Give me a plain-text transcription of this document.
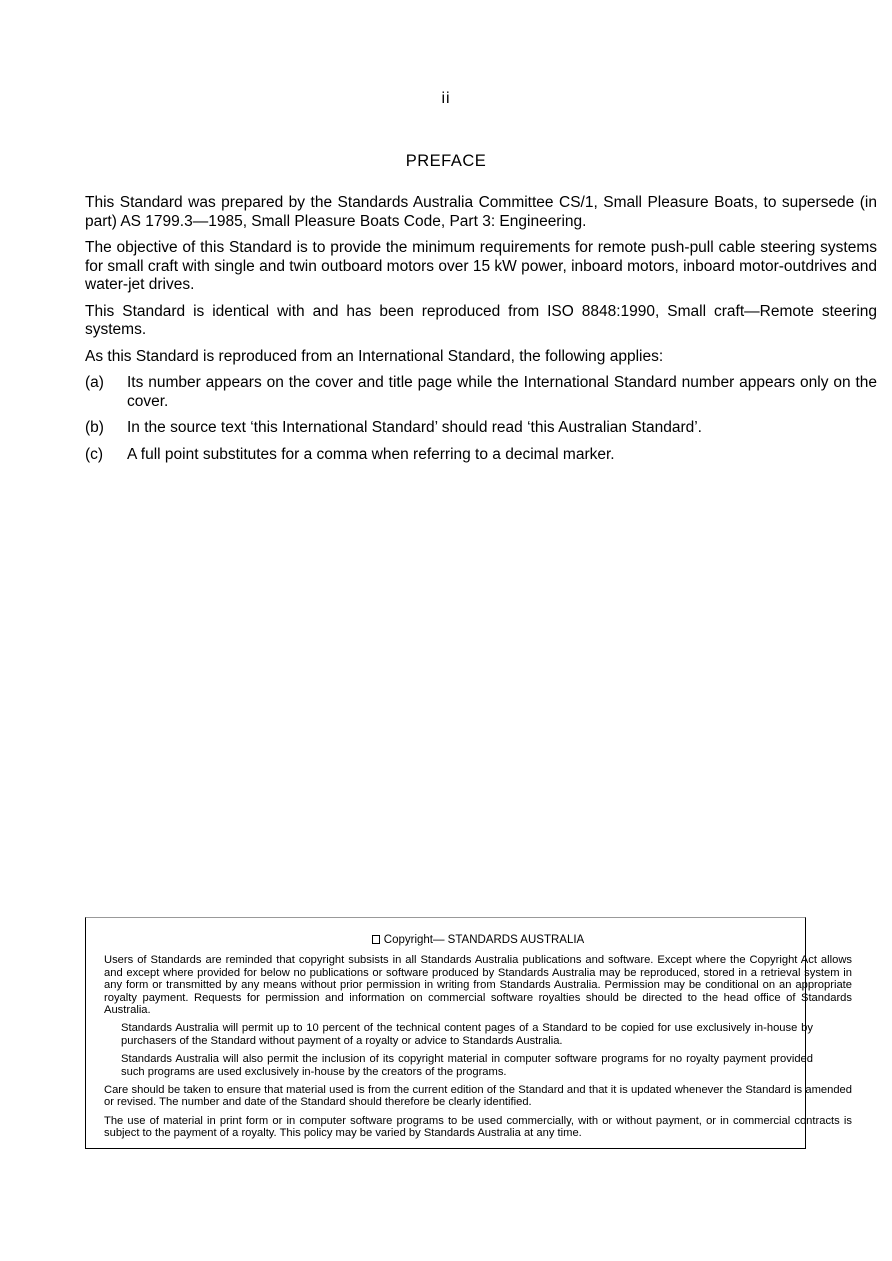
ii
PREFACE

This Standard was prepared by the Standards Australia Committee CS/1, Small Pleasure Boats, to supersede (in part) AS 1799.3—1985, Small Pleasure Boats Code, Part 3: Engineering.

The objective of this Standard is to provide the minimum requirements for remote push-pull cable steering systems for small craft with single and twin outboard motors over 15 kW power, inboard motors, inboard motor-outdrives and water-jet drives.

This Standard is identical with and has been reproduced from ISO 8848:1990, Small craft—Remote steering systems.

As this Standard is reproduced from an International Standard, the following applies:

(a)	Its number appears on the cover and title page while the International Standard number appears only on the cover.
(b)	In the source text ‘this International Standard’ should read ‘this Australian Standard’.
(c)	A full point substitutes for a comma when referring to a decimal marker.
Copyright— STANDARDS AUSTRALIA

Users of Standards are reminded that copyright subsists in all Standards Australia publications and software. Except where the Copyright Act allows and except where provided for below no publications or software produced by Standards Australia may be reproduced, stored in a retrieval system in any form or transmitted by any means without prior permission in writing from Standards Australia. Permission may be conditional on an appropriate royalty payment. Requests for permission and information on commercial software royalties should be directed to the head office of Standards Australia.

Standards Australia will permit up to 10 percent of the technical content pages of a Standard to be copied for use exclusively in-house by purchasers of the Standard without payment of a royalty or advice to Standards Australia.

Standards Australia will also permit the inclusion of its copyright material in computer software programs for no royalty payment provided such programs are used exclusively in-house by the creators of the programs.

Care should be taken to ensure that material used is from the current edition of the Standard and that it is updated whenever the Standard is amended or revised. The number and date of the Standard should therefore be clearly identified.

The use of material in print form or in computer software programs to be used commercially, with or without payment, or in commercial contracts is subject to the payment of a royalty. This policy may be varied by Standards Australia at any time.
